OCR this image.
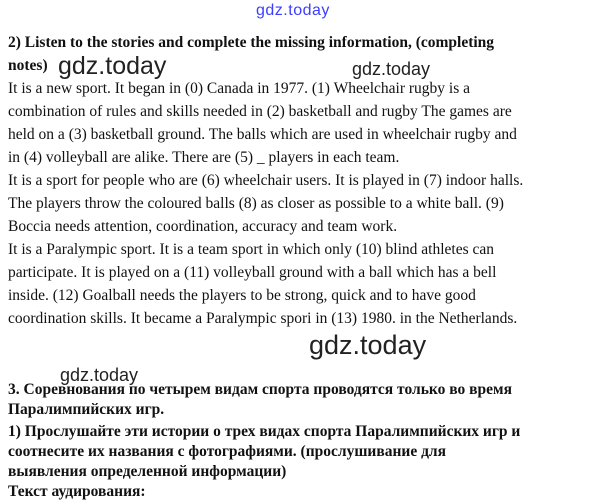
gdz.today
2) Listen to the stories and complete the missing information, (completing
notes) gdz.today	gdz.today
It is a new sport. It began in (0) Canada in 1977. (1) Wheelchair rugby is a
combination of rules and skills needed in (2) basketball and rugby The games are
held on a (3) basketball ground. The balls which are used in wheelchair rugby and
in (4) volleyball are alike. There are (5) _ players in each team.
It is a sport for people who are (6) wheelchair users. It is played in (7) indoor halls.
The players throw the coloured balls (8) as closer as possible to a white ball. (9)
Boccia needs attention, coordination, accuracy and team work.
It is a Paralympic sport. It is a team sport in which only (10) blind athletes can
participate. It is played on a (11) volleyball ground with a ball which has a bell
inside. (12) Goalball needs the players to be strong, quick and to have good
coordination skills. It became a Paralympic spori in (13) 1980. in the Netherlands.
gdz.today
gdz.today
3. Соревнования по четырем видам спорта проводятся только во время
Паралимпийских игр.
1) Прослушайте эти истории о трех видах спорта Паралимпийских игр и
соотнесите их названия с фотографиями. (прослушивание для
выявления определенной информации)
Текст аудирования:
